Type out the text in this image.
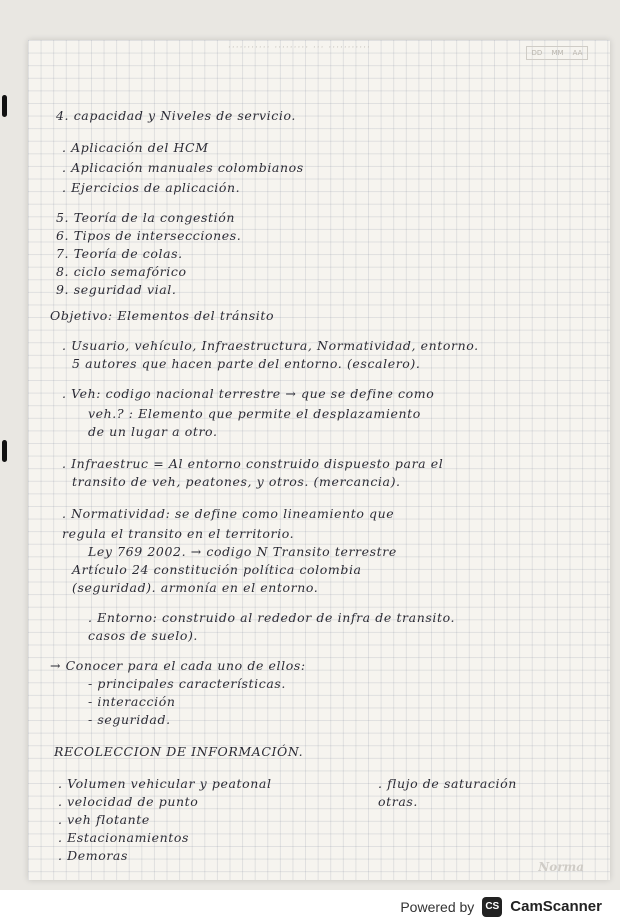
··········· ········· ··· ···········	DD MM AA
4. capacidad y Niveles de servicio.
. Aplicación del HCM
. Aplicación manuales colombianos
. Ejercicios de aplicación.
5. Teoría de la congestión
6. Tipos de intersecciones.
7. Teoría de colas.
8. ciclo semafórico
9. seguridad vial.
Objetivo: Elementos del tránsito
. Usuario, vehículo, Infraestructura, Normatividad, entorno.
5 autores que hacen parte del entorno. (escalero).
. Veh: codigo nacional terrestre → que se define como
veh.? : Elemento que permite el desplazamiento
de un lugar a otro.
. Infraestruc = Al entorno construido dispuesto para el
transito de veh, peatones, y otros. (mercancia).
. Normatividad: se define como lineamiento que
regula el transito en el territorio.
Ley 769 2002. → codigo N Transito terrestre
Artículo 24 constitución política colombia
(seguridad). armonía en el entorno.
. Entorno: construido al rededor de infra de transito.
casos de suelo).
→ Conocer para el cada uno de ellos:
- principales características.
- interacción
- seguridad.
RECOLECCION DE INFORMACIÓN.
. Volumen vehicular y peatonal	. flujo de saturación
. velocidad de punto	otras.
. veh flotante
. Estacionamientos
. Demoras
Norma
Powered by	CS CamScanner
